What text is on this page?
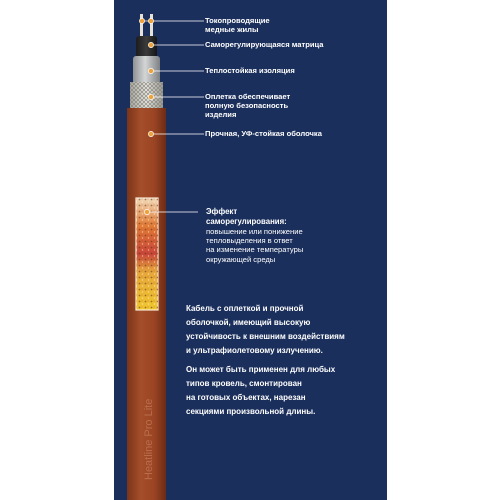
Heatline Pro Lite
Токопроводящие
медные жилы
Саморегулирующаяся матрица
Теплостойкая изоляция
Оплетка обеспечивает
полную безопасность
изделия
Прочная, УФ-стойкая оболочка
Эффект
саморегулирования:
повышение или понижение
тепловыделения в ответ
на изменение температуры
окружающей среды
Кабель с оплеткой и прочной
оболочкой, имеющий высокую
устойчивость к внешним воздействиям
и ультрафиолетовому излучению.
Он может быть применен для любых
типов кровель, смонтирован
на готовых объектах, нарезан
секциями произвольной длины.
